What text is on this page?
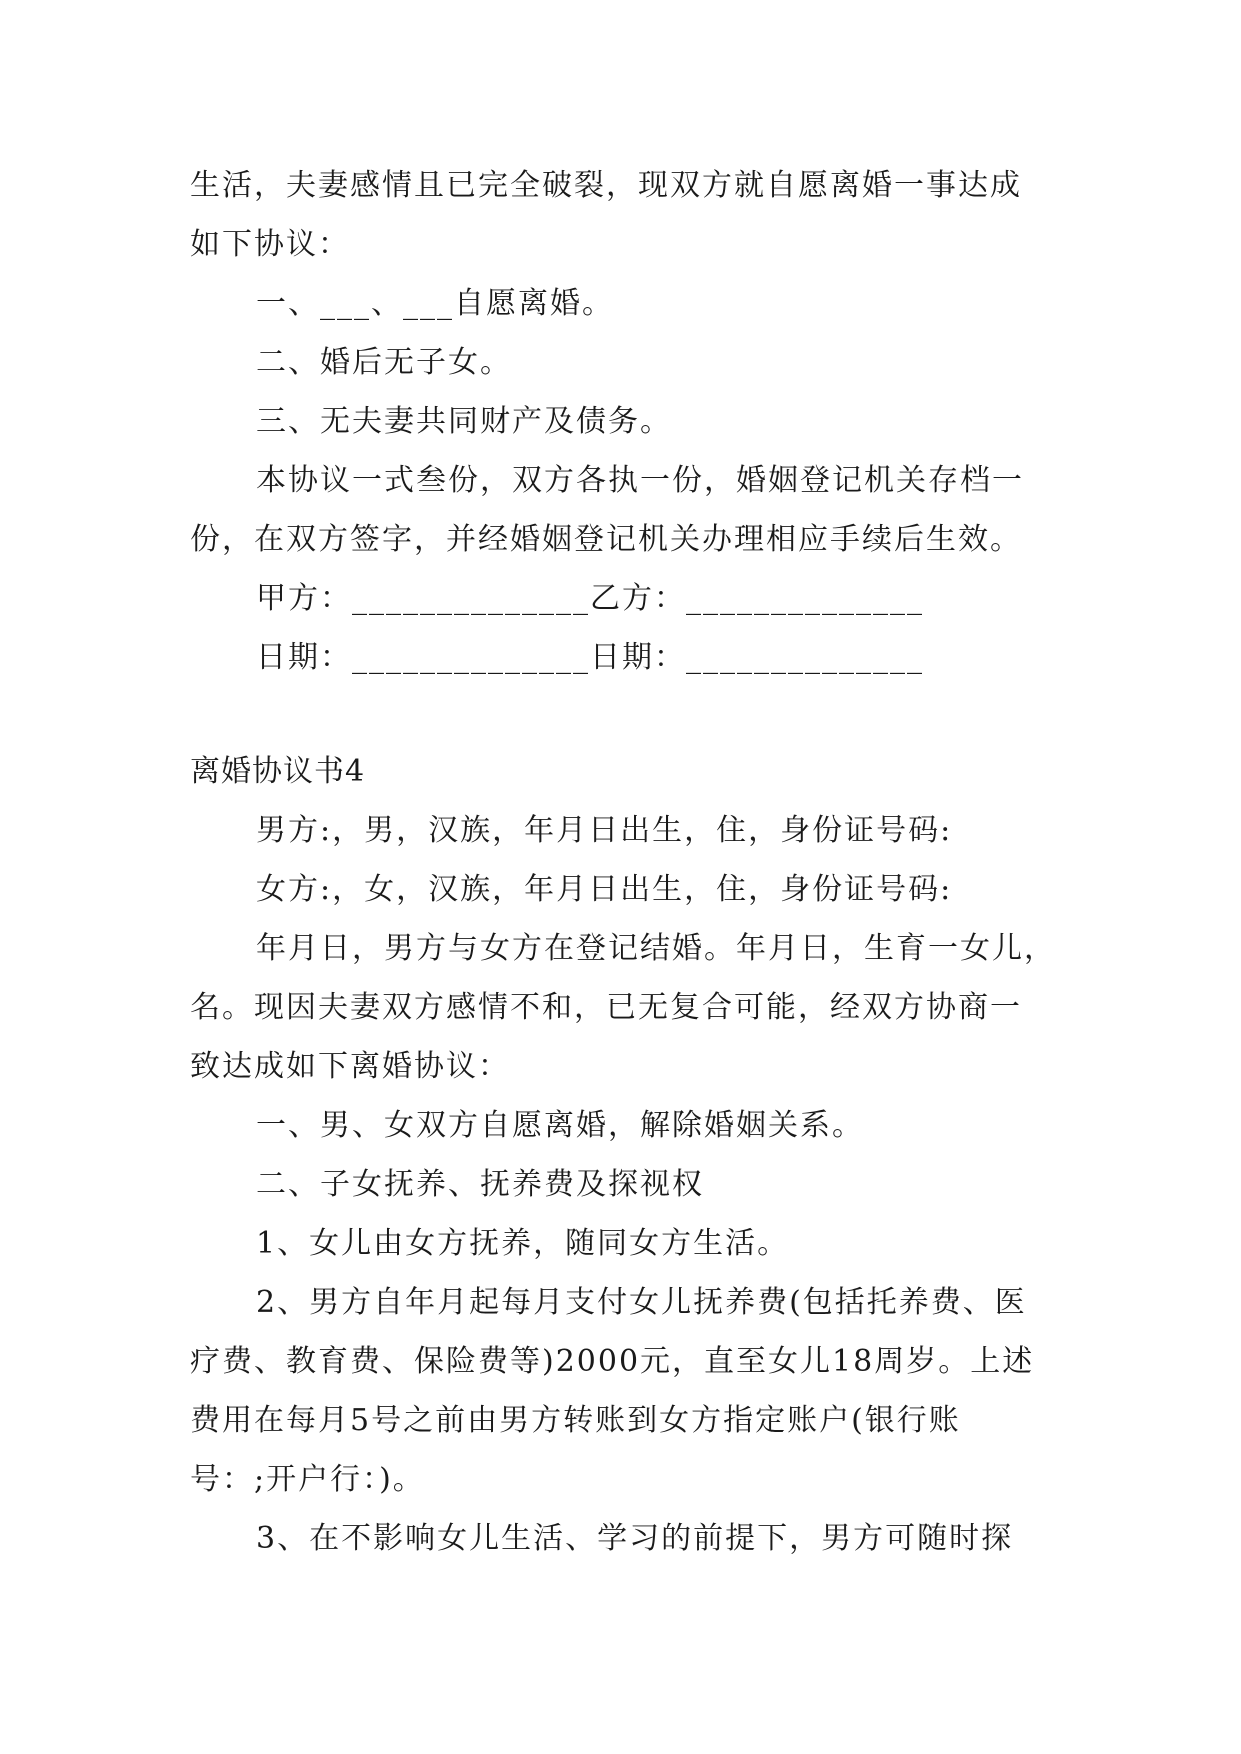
生活，夫妻感情且已完全破裂，现双方就自愿离婚一事达成
如下协议：
一、___、___自愿离婚。
二、婚后无子女。
三、无夫妻共同财产及债务。
本协议一式叁份，双方各执一份，婚姻登记机关存档一
份，在双方签字，并经婚姻登记机关办理相应手续后生效。
甲方：______________乙方：______________
日期：______________日期：______________
离婚协议书4
男方:，男，汉族，年月日出生，住，身份证号码:
女方:，女，汉族，年月日出生，住，身份证号码:
年月日，男方与女方在登记结婚。年月日，生育一女儿，
名。现因夫妻双方感情不和，已无复合可能，经双方协商一
致达成如下离婚协议：
一、男、女双方自愿离婚，解除婚姻关系。
二、子女抚养、抚养费及探视权
1、女儿由女方抚养，随同女方生活。
2、男方自年月起每月支付女儿抚养费(包括托养费、医
疗费、教育费、保险费等)2000元，直至女儿18周岁。上述
费用在每月5号之前由男方转账到女方指定账户(银行账
号：;开户行：)。
3、在不影响女儿生活、学习的前提下，男方可随时探
